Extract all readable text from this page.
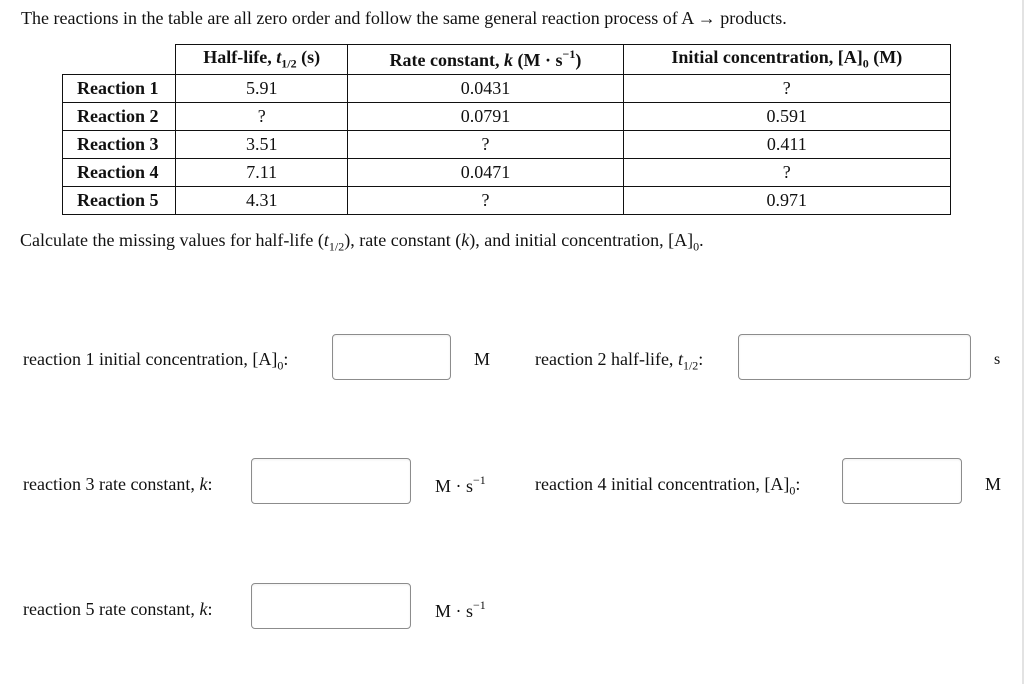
The reactions in the table are all zero order and follow the same general reaction process of A → products.
	Half-life, $t_{1/2}$ (s)	Rate constant, k $(M \cdot s^{-1})$	Initial concentration, $[A]_0$ (M)
Reaction 1	5.91	0.0431	?
Reaction 2	?	0.0791	0.591
Reaction 3	3.51	?	0.411
Reaction 4	7.11	0.0471	?
Reaction 5	4.31	?	0.971
Calculate the missing values for half-life $(t_{1/2})$, rate constant (k), and initial concentration, $[A]_0$.
reaction 1 initial concentration, $[A]_0$:	M reaction 2 half-life, $t_{1/2}$:	s
reaction 3 rate constant, k:	$M \cdot s^{-1}$	reaction 4 initial concentration, $[A]_0$:	M
reaction 5 rate constant, k:	$M \cdot s^{-1}$
